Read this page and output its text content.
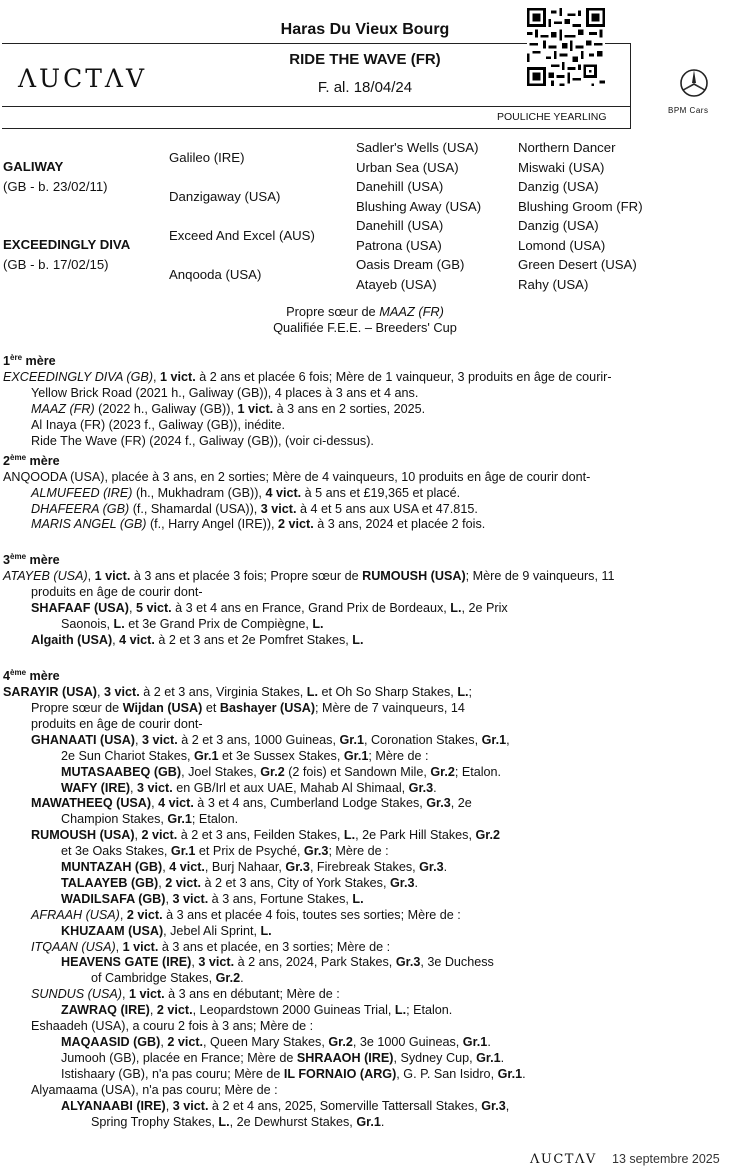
Haras Du Vieux Bourg
RIDE THE WAVE (FR)
F. al. 18/04/24
ΛUCTΛV
POULICHE YEARLING
BPM Cars
GALIWAY
(GB - b. 23/02/11)
EXCEEDINGLY DIVA
(GB - b. 17/02/15)
Galileo (IRE)
Danzigaway (USA)
Exceed And Excel (AUS)
Anqooda (USA)
Sadler's Wells (USA)
Urban Sea (USA)
Danehill (USA)
Blushing Away (USA)
Danehill (USA)
Patrona (USA)
Oasis Dream (GB)
Atayeb (USA)
Northern Dancer
Miswaki (USA)
Danzig (USA)
Blushing Groom (FR)
Danzig (USA)
Lomond (USA)
Green Desert (USA)
Rahy (USA)
Propre sœur de MAAZ (FR)
Qualifiée F.E.E. – Breeders' Cup

1ère mère

EXCEEDINGLY DIVA (GB), 1 vict. à 2 ans et placée 6 fois; Mère de 1 vainqueur, 3 produits en âge de courir-

Yellow Brick Road (2021 h., Galiway (GB)), 4 places à 3 ans et 4 ans.

MAAZ (FR) (2022 h., Galiway (GB)), 1 vict. à 3 ans en 2 sorties, 2025.

Al Inaya (FR) (2023 f., Galiway (GB)), inédite.

Ride The Wave (FR) (2024 f., Galiway (GB)), (voir ci-dessus).

2ème mère

ANQOODA (USA), placée à 3 ans, en 2 sorties; Mère de 4 vainqueurs, 10 produits en âge de courir dont-

ALMUFEED (IRE) (h., Mukhadram (GB)), 4 vict. à 5 ans et £19,365 et placé.

DHAFEERA (GB) (f., Shamardal (USA)), 3 vict. à 4 et 5 ans aux USA et 47.815.

MARIS ANGEL (GB) (f., Harry Angel (IRE)), 2 vict. à 3 ans, 2024 et placée 2 fois.

3ème mère

ATAYEB (USA), 1 vict. à 3 ans et placée 3 fois; Propre sœur de RUMOUSH (USA); Mère de 9 vainqueurs, 11 produits en âge de courir dont-

SHAFAAF (USA), 5 vict. à 3 et 4 ans en France, Grand Prix de Bordeaux, L., 2e Prix

Saonois, L. et 3e Grand Prix de Compiègne, L.

Algaith (USA), 4 vict. à 2 et 3 ans et 2e Pomfret Stakes, L.

4ème mère

SARAYIR (USA), 3 vict. à 2 et 3 ans, Virginia Stakes, L. et Oh So Sharp Stakes, L.;

Propre sœur de Wijdan (USA) et Bashayer (USA); Mère de 7 vainqueurs, 14

produits en âge de courir dont-

GHANAATI (USA), 3 vict. à 2 et 3 ans, 1000 Guineas, Gr.1, Coronation Stakes, Gr.1,

2e Sun Chariot Stakes, Gr.1 et 3e Sussex Stakes, Gr.1; Mère de :

MUTASAABEQ (GB), Joel Stakes, Gr.2 (2 fois) et Sandown Mile, Gr.2; Etalon.

WAFY (IRE), 3 vict. en GB/Irl et aux UAE, Mahab Al Shimaal, Gr.3.

MAWATHEEQ (USA), 4 vict. à 3 et 4 ans, Cumberland Lodge Stakes, Gr.3, 2e

Champion Stakes, Gr.1; Etalon.

RUMOUSH (USA), 2 vict. à 2 et 3 ans, Feilden Stakes, L., 2e Park Hill Stakes, Gr.2

et 3e Oaks Stakes, Gr.1 et Prix de Psyché, Gr.3; Mère de :

MUNTAZAH (GB), 4 vict., Burj Nahaar, Gr.3, Firebreak Stakes, Gr.3.

TALAAYEB (GB), 2 vict. à 2 et 3 ans, City of York Stakes, Gr.3.

WADILSAFA (GB), 3 vict. à 3 ans, Fortune Stakes, L.

AFRAAH (USA), 2 vict. à 3 ans et placée 4 fois, toutes ses sorties; Mère de :

KHUZAAM (USA), Jebel Ali Sprint, L.

ITQAAN (USA), 1 vict. à 3 ans et placée, en 3 sorties; Mère de :

HEAVENS GATE (IRE), 3 vict. à 2 ans, 2024, Park Stakes, Gr.3, 3e Duchess

of Cambridge Stakes, Gr.2.

SUNDUS (USA), 1 vict. à 3 ans en débutant; Mère de :

ZAWRAQ (IRE), 2 vict., Leopardstown 2000 Guineas Trial, L.; Etalon.

Eshaadeh (USA), a couru 2 fois à 3 ans; Mère de :

MAQAASID (GB), 2 vict., Queen Mary Stakes, Gr.2, 3e 1000 Guineas, Gr.1.

Jumooh (GB), placée en France; Mère de SHRAAOH (IRE), Sydney Cup, Gr.1.

Istishaary (GB), n'a pas couru; Mère de IL FORNAIO (ARG), G. P. San Isidro, Gr.1.

Alyamaama (USA), n'a pas couru; Mère de :

ALYANAABI (IRE), 3 vict. à 2 et 4 ans, 2025, Somerville Tattersall Stakes, Gr.3,

Spring Trophy Stakes, L., 2e Dewhurst Stakes, Gr.1.

ΛUCTΛV 13 septembre 2025
